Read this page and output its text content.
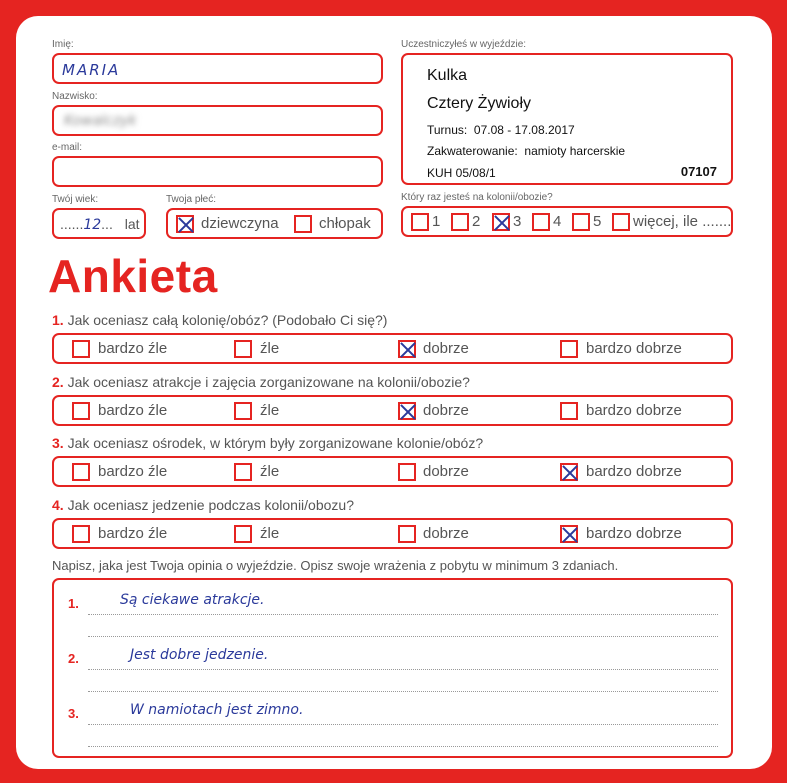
Imię:
MARIA
Nazwisko:
Kowalczyk
e-mail:
Twój wiek:
......12... lat
Twoja płeć:
dziewczyna	chłopak
Uczestniczyłeś w wyjeździe:
Kulka
Cztery Żywioły
Turnus: 07.08 - 17.08.2017
Zakwaterowanie: namioty harcerskie
KUH 05/08/1	07107
Który raz jesteś na kolonii/obozie?
1 2 3 4 5 więcej, ile .......
Ankieta
1. Jak oceniasz całą kolonię/obóz? (Podobało Ci się?)
bardzo źle	źle	dobrze	bardzo dobrze
2. Jak oceniasz atrakcje i zajęcia zorganizowane na kolonii/obozie?
bardzo źle	źle	dobrze	bardzo dobrze
3. Jak oceniasz ośrodek, w którym były zorganizowane kolonie/obóz?
bardzo źle	źle	dobrze	bardzo dobrze
4. Jak oceniasz jedzenie podczas kolonii/obozu?
bardzo źle	źle	dobrze	bardzo dobrze
Napisz, jaka jest Twoja opinia o wyjeździe. Opisz swoje wrażenia z pobytu w minimum 3 zdaniach.
1.	Są ciekawe atrakcje.
2.	Jest dobre jedzenie.
3.	W namiotach jest zimno.
